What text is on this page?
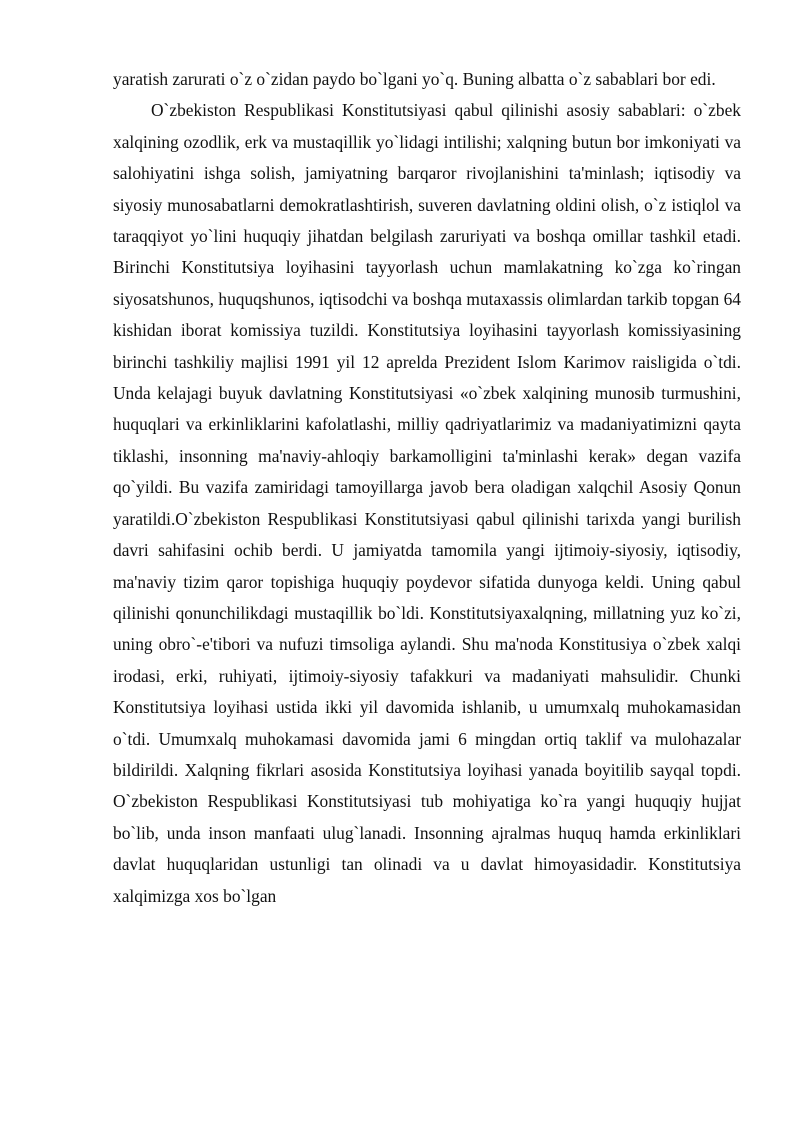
yaratish zarurati o`z o`zidan paydo bo`lgani yo`q. Buning albatta o`z sabablari bor edi.

O`zbekiston Respublikasi Konstitutsiyasi qabul qilinishi asosiy sabablari: o`zbek xalqining ozodlik, erk va mustaqillik yo`lidagi intilishi; xalqning butun bor imkoniyati va salohiyatini ishga solish, jamiyatning barqaror rivojlanishini ta'minlash; iqtisodiy va siyosiy munosabatlarni demokratlashtirish, suveren davlatning oldini olish, o`z istiqlol va taraqqiyot yo`lini huquqiy jihatdan belgilash zaruriyati va boshqa omillar tashkil etadi. Birinchi Konstitutsiya loyihasini tayyorlash uchun mamlakatning ko`zga ko`ringan siyosatshunos, huquqshunos, iqtisodchi va boshqa mutaxassis olimlardan tarkib topgan 64 kishidan iborat komissiya tuzildi. Konstitutsiya loyihasini tayyorlash komissiyasining birinchi tashkiliy majlisi 1991 yil 12 aprelda Prezident Islom Karimov raisligida o`tdi. Unda kelajagi buyuk davlatning Konstitutsiyasi «o`zbek xalqining munosib turmushini, huquqlari va erkinliklarini kafolatlashi, milliy qadriyatlarimiz va madaniyatimizni qayta tiklashi, insonning ma'naviy-ahloqiy barkamolligini ta'minlashi kerak» degan vazifa qo`yildi. Bu vazifa zamiridagi tamoyillarga javob bera oladigan xalqchil Asosiy Qonun yaratildi.O`zbekiston Respublikasi Konstitutsiyasi qabul qilinishi tarixda yangi burilish davri sahifasini ochib berdi. U jamiyatda tamomila yangi ijtimoiy-siyosiy, iqtisodiy, ma'naviy tizim qaror topishiga huquqiy poydevor sifatida dunyoga keldi. Uning qabul qilinishi qonunchilikdagi mustaqillik bo`ldi. Konstitutsiyaxalqning, millatning yuz ko`zi, uning obro`-e'tibori va nufuzi timsoliga aylandi. Shu ma'noda Konstitusiya o`zbek xalqi irodasi, erki, ruhiyati, ijtimoiy-siyosiy tafakkuri va madaniyati mahsulidir. Chunki Konstitutsiya loyihasi ustida ikki yil davomida ishlanib, u umumxalq muhokamasidan o`tdi. Umumxalq muhokamasi davomida jami 6 mingdan ortiq taklif va mulohazalar bildirildi. Xalqning fikrlari asosida Konstitutsiya loyihasi yanada boyitilib sayqal topdi. O`zbekiston Respublikasi Konstitutsiyasi tub mohiyatiga ko`ra yangi huquqiy hujjat bo`lib, unda inson manfaati ulug`lanadi. Insonning ajralmas huquq hamda erkinliklari davlat huquqlaridan ustunligi tan olinadi va u davlat himoyasidadir. Konstitutsiya xalqimizga xos bo`lgan
